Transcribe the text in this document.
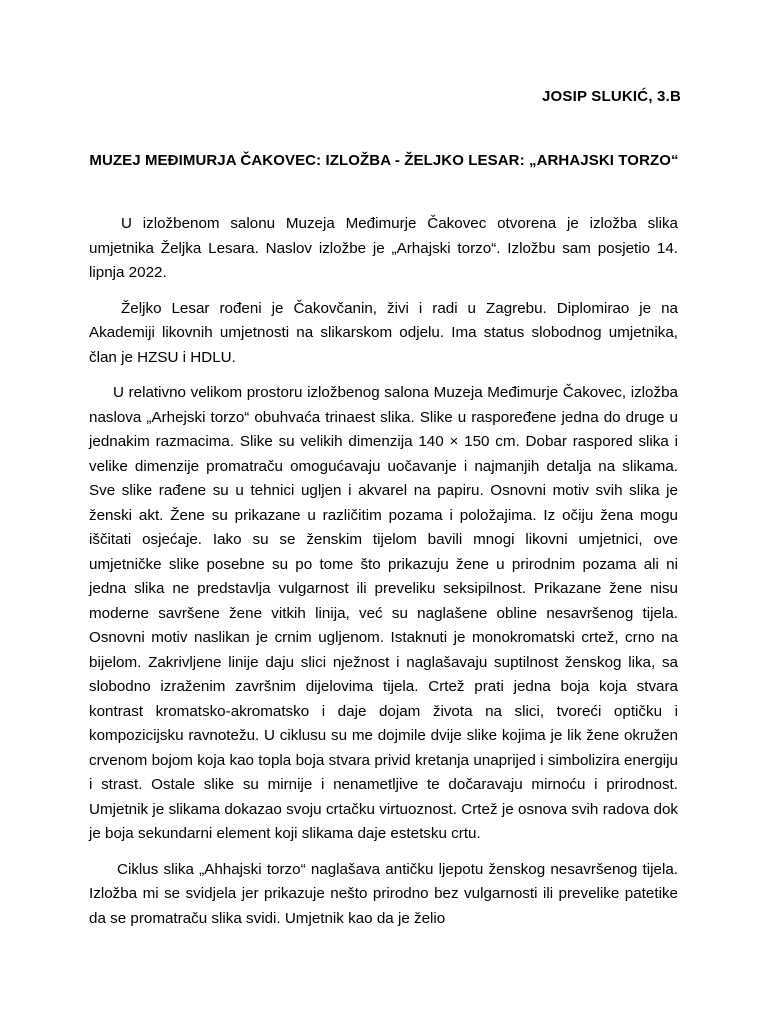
JOSIP SLUKIĆ, 3.B
MUZEJ MEĐIMURJA ČAKOVEC: IZLOŽBA - ŽELJKO LESAR: „ARHAJSKI TORZO“

U izložbenom salonu Muzeja Međimurje Čakovec otvorena je izložba slika umjetnika Željka Lesara. Naslov izložbe je „Arhajski torzo“. Izložbu sam posjetio 14. lipnja 2022.

Željko Lesar rođeni je Čakovčanin, živi i radi u Zagrebu. Diplomirao je na Akademiji likovnih umjetnosti na slikarskom odjelu. Ima status slobodnog umjetnika, član je HZSU i HDLU.

U relativno velikom prostoru izložbenog salona Muzeja Međimurje Čakovec, izložba naslova „Arhejski torzo“ obuhvaća trinaest slika. Slike u raspoređene jedna do druge u jednakim razmacima. Slike su velikih dimenzija 140 × 150 cm. Dobar raspored slika i velike dimenzije promatraču omogućavaju uočavanje i najmanjih detalja na slikama. Sve slike rađene su u tehnici ugljen i akvarel na papiru. Osnovni motiv svih slika je ženski akt. Žene su prikazane u različitim pozama i položajima. Iz očiju žena mogu iščitati osjećaje. Iako su se ženskim tijelom bavili mnogi likovni umjetnici, ove umjetničke slike posebne su po tome što prikazuju žene u prirodnim pozama ali ni jedna slika ne predstavlja vulgarnost ili preveliku seksipilnost. Prikazane žene nisu moderne savršene žene vitkih linija, već su naglašene obline nesavršenog tijela. Osnovni motiv naslikan je crnim ugljenom. Istaknuti je monokromatski crtež, crno na bijelom. Zakrivljene linije daju slici nježnost i naglašavaju suptilnost ženskog lika, sa slobodno izraženim završnim dijelovima tijela. Crtež prati jedna boja koja stvara kontrast kromatsko-akromatsko i daje dojam života na slici, tvoreći optičku i kompozicijsku ravnotežu. U ciklusu su me dojmile dvije slike kojima je lik žene okružen crvenom bojom koja kao topla boja stvara privid kretanja unaprijed i simbolizira energiju i strast. Ostale slike su mirnije i nenametljive te dočaravaju mirnoću i prirodnost. Umjetnik je slikama dokazao svoju crtačku virtuoznost. Crtež je osnova svih radova dok je boja sekundarni element koji slikama daje estetsku crtu.

Ciklus slika „Ahhajski torzo“ naglašava antičku ljepotu ženskog nesavršenog tijela. Izložba mi se svidjela jer prikazuje nešto prirodno bez vulgarnosti ili prevelike patetike da se promatraču slika svidi. Umjetnik kao da je želio
